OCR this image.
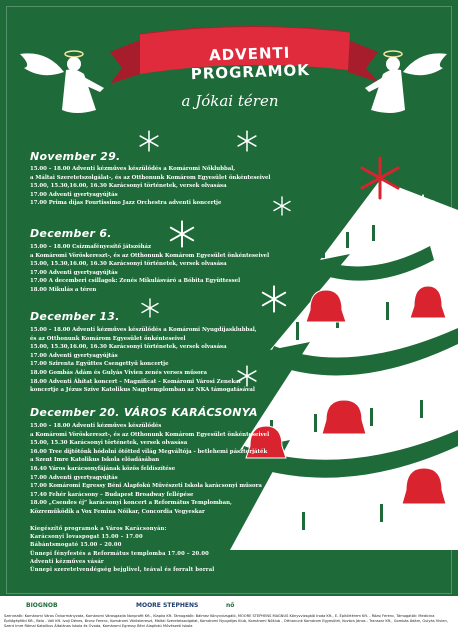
ADVENTI PROGRAMOK
a Jókai téren
November 29.
15.00 – 18.00 Adventi kézműves készülődés a Komáromi Nőklubbal,
a Máltai Szeretetszolgálat-, és az Otthonunk Komárom Egyesület önkénteseivel
15.00, 15.30,16.00, 16.30 Karácsonyi történetek, versek olvasása
17.00 Adventi gyertyagyújtás
17.00 Prima díjas Fourtissimo Jazz Orchestra adventi koncertje
December 6.
15.00 – 18.00 Csízmafényesítő játszóház
a Komáromi Vöröskereszt-, és az Otthonunk Komárom Egyesület önkénteseivel
15.00, 15.30,16.00, 16.30 Karácsonyi történetek, versek olvasása
17.00 Adventi gyertyagyújtás
17.00 A decemberi csillagok: Zenés Mikulásváró a Bóbita Együttessel
18.00 Mikulás a téren
December 13.
15.00 – 18.00 Adventi kézműves készülődés a Komáromi Nyugdíjasklubbal,
és az Otthonunk Komárom Egyesület önkénteseivel
15.00, 15.30,16.00, 16.30 Karácsonyi történetek, versek olvasása
17.00 Adventi gyertyagyújtás
17.00 Szirenta Együttes Csengettyű koncertje
18.00 Gombás Ádám és Gulyás Vivien zenés verses műsora
18.00 Adventi Áhítat koncert – Magnificat – Komáromi Városi Zenekar
koncertje a Jézus Szíve Katolikus Nagytemplomban az NKA támogatásával
December 20. VÁROS KARÁCSONYA
15.00 – 18.00 Adventi kézműves készülődés
a Komáromi Vöröskereszt-, és az Otthonunk Komárom Egyesület önkénteseivel
15.00, 15.30 Karácsonyi történetek, versek olvasása
16.00 Tree dijtőtőnk hódolni őtőtted világ Megváltója - betlehemi pásztorjáték
a Szent Imre Katolikus Iskola előadásában
16.40 Város karácsonyfájának közös feldíszítése
17.00 Adventi gyertyagyújtás
17.00 Komáromi Egressy Béni Alapfokú Művészeti Iskola karácsonyi műsora
17.40 Fehér karácsony – Budapest Broadway fellépése
18.00 „Csendes éj” karácsonyi koncert a Református Templomban,
Közreműködik a Vox Femina Nőikar, Concordia Vegyeskar
Kiegészítő programok a Város Karácsonyán:
Karácsonyi lovaspogat 15.00 – 17.00
Bábántsmogató 15.00 – 20.00
Ünnepi fényfestés a Református templomba 17.00 – 20.00
Adventi kézműves vásár
Ünnepi szeretetvendégség bejglivel, teával és forralt borral
BIOGNOB	MOORE STEPHENS	nő
Szervezők: Komáromi Város Önkormányzata, Komáromi Városgazda Nonprofit Kft., Klapka Kft. Támogatók: Bálmez Könyvvizsgáló, MOORE STEPHENS MAGNUS Könyvvizsgáló Iroda Kft., E- Építőrtérem Kft. - Rózsi Ferenc, Támogatók: Medicina Építőgépföld Kft., Belo - Váll Kft. Ivoji Dénes, Bronz Ferenc, Komáromi Vöröskereszt, Máltai Szeretetszolgálat, Komáromi Nyugdíjas Klub, Komáromi Nőklub - Otthonunk Komárom Egyesület, Kovács János - Transzar Kft., Gombás Ádám, Gulyás Vivien, Szent Imre Római Katolikus Általános Iskola és Óvoda, Komáromi Egressy Béni Alapfokú Művészeti Iskola
